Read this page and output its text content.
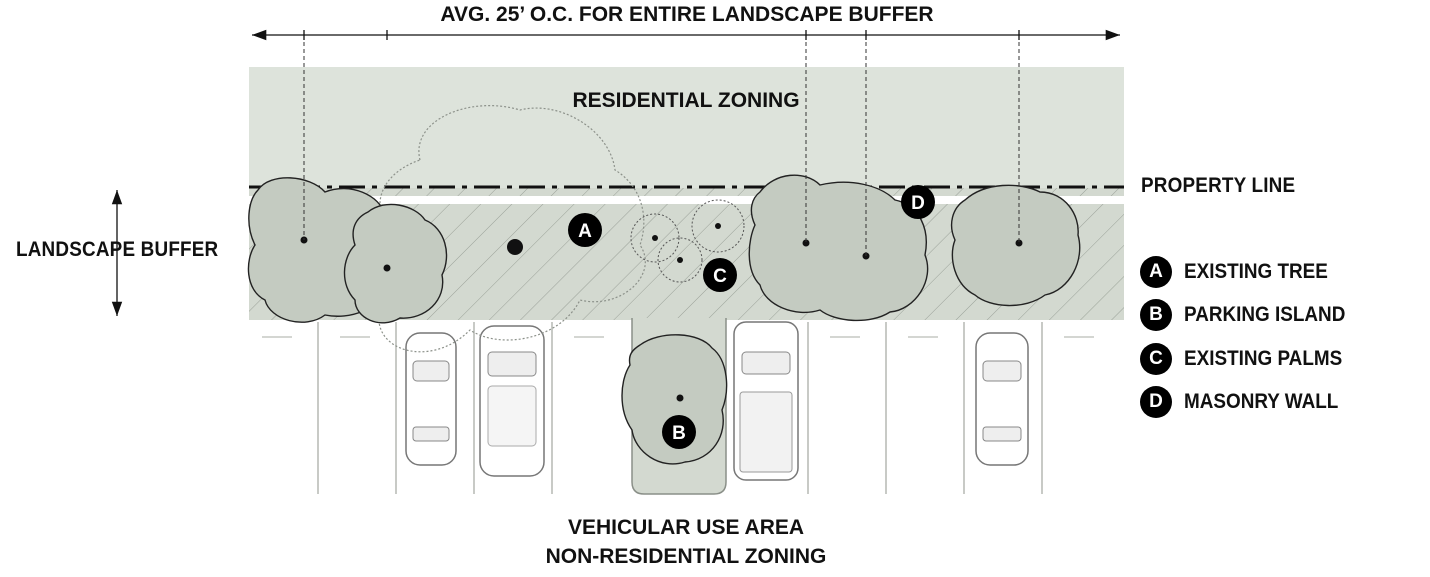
AVG. 25’ O.C. FOR ENTIRE LANDSCAPE BUFFER
RESIDENTIAL ZONING
VEHICULAR USE AREA
NON-RESIDENTIAL ZONING
A
B
C
D
LANDSCAPE BUFFER
PROPERTY LINE
A	EXISTING TREE
B	PARKING ISLAND
C	EXISTING PALMS
D	MASONRY WALL
